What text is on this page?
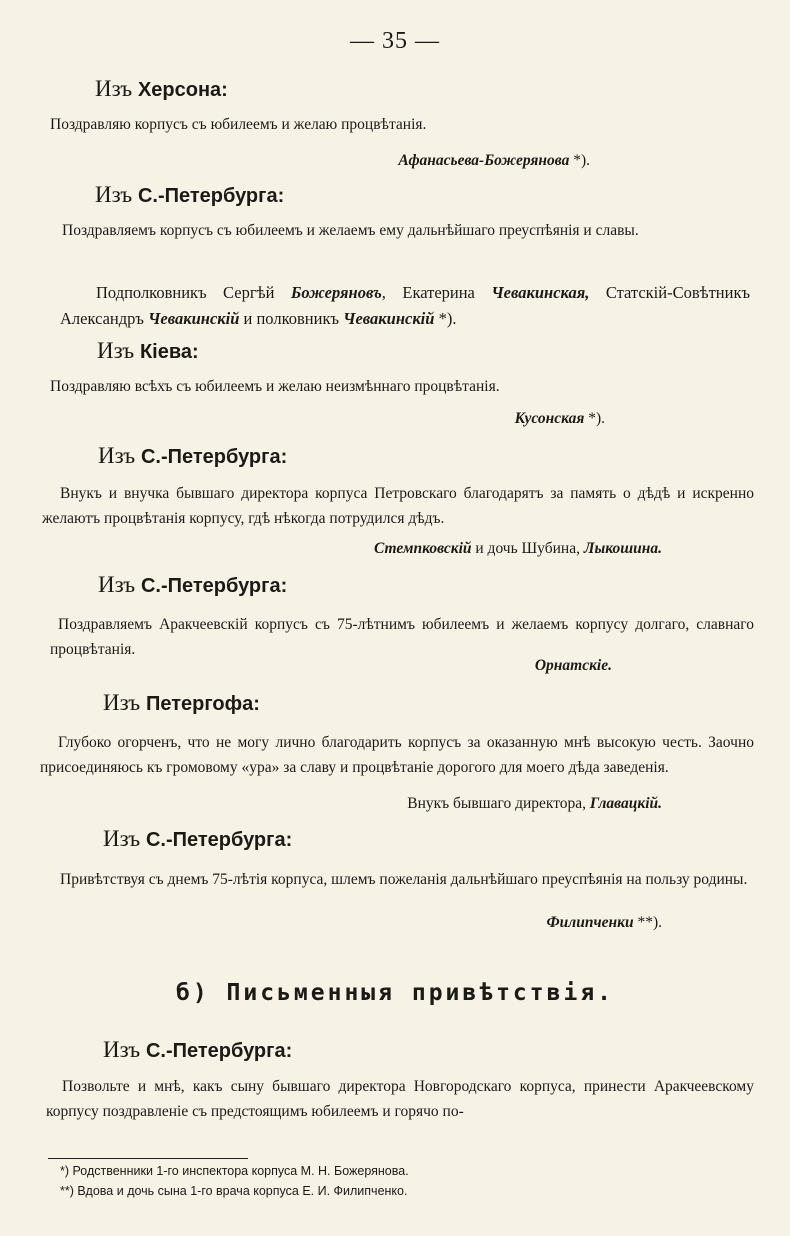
— 35 —
Изъ Херсона:
Поздравляю корпусъ съ юбилеемъ и желаю процвѣтанія.
Афанасьева-Божерянова *).
Изъ С.-Петербурга:
Поздравляемъ корпусъ съ юбилеемъ и желаемъ ему дальнѣйшаго преуспѣянія и славы.
Подполковникъ Сергѣй Божеряновъ, Екатерина Чевакинская, Статскій-Совѣтникъ Александръ Чевакинскій и полковникъ Чевакинскій *).
Изъ Кіева:
Поздравляю всѣхъ съ юбилеемъ и желаю неизмѣннаго процвѣтанія.
Кусонская *).
Изъ С.-Петербурга:
Внукъ и внучка бывшаго директора корпуса Петровскаго благодарятъ за память о дѣдѣ и искренно желаютъ процвѣтанія корпусу, гдѣ нѣкогда потрудился дѣдъ.
Стемпковскій и дочь Шубина, Лыкошина.
Изъ С.-Петербурга:
Поздравляемъ Аракчеевскій корпусъ съ 75-лѣтнимъ юбилеемъ и желаемъ корпусу долгаго, славнаго процвѣтанія.
Орнатскіе.
Изъ Петергофа:
Глубоко огорченъ, что не могу лично благодарить корпусъ за оказанную мнѣ высокую честь. Заочно присоединяюсь къ громовому «ура» за славу и процвѣтаніе дорогого для моего дѣда заведенія.
Внукъ бывшаго директора, Главацкій.
Изъ С.-Петербурга:
Привѣтствуя съ днемъ 75-лѣтія корпуса, шлемъ пожеланія дальнѣйшаго преуспѣянія на пользу родины.
Филипченки **).
б) Письменныя привѣтствія.
Изъ С.-Петербурга:
Позвольте и мнѣ, какъ сыну бывшаго директора Новгородскаго корпуса, принести Аракчеевскому корпусу поздравленіе съ предстоящимъ юбилеемъ и горячо по-
*) Родственники 1-го инспектора корпуса М. Н. Божерянова.
**) Вдова и дочь сына 1-го врача корпуса Е. И. Филипченко.
